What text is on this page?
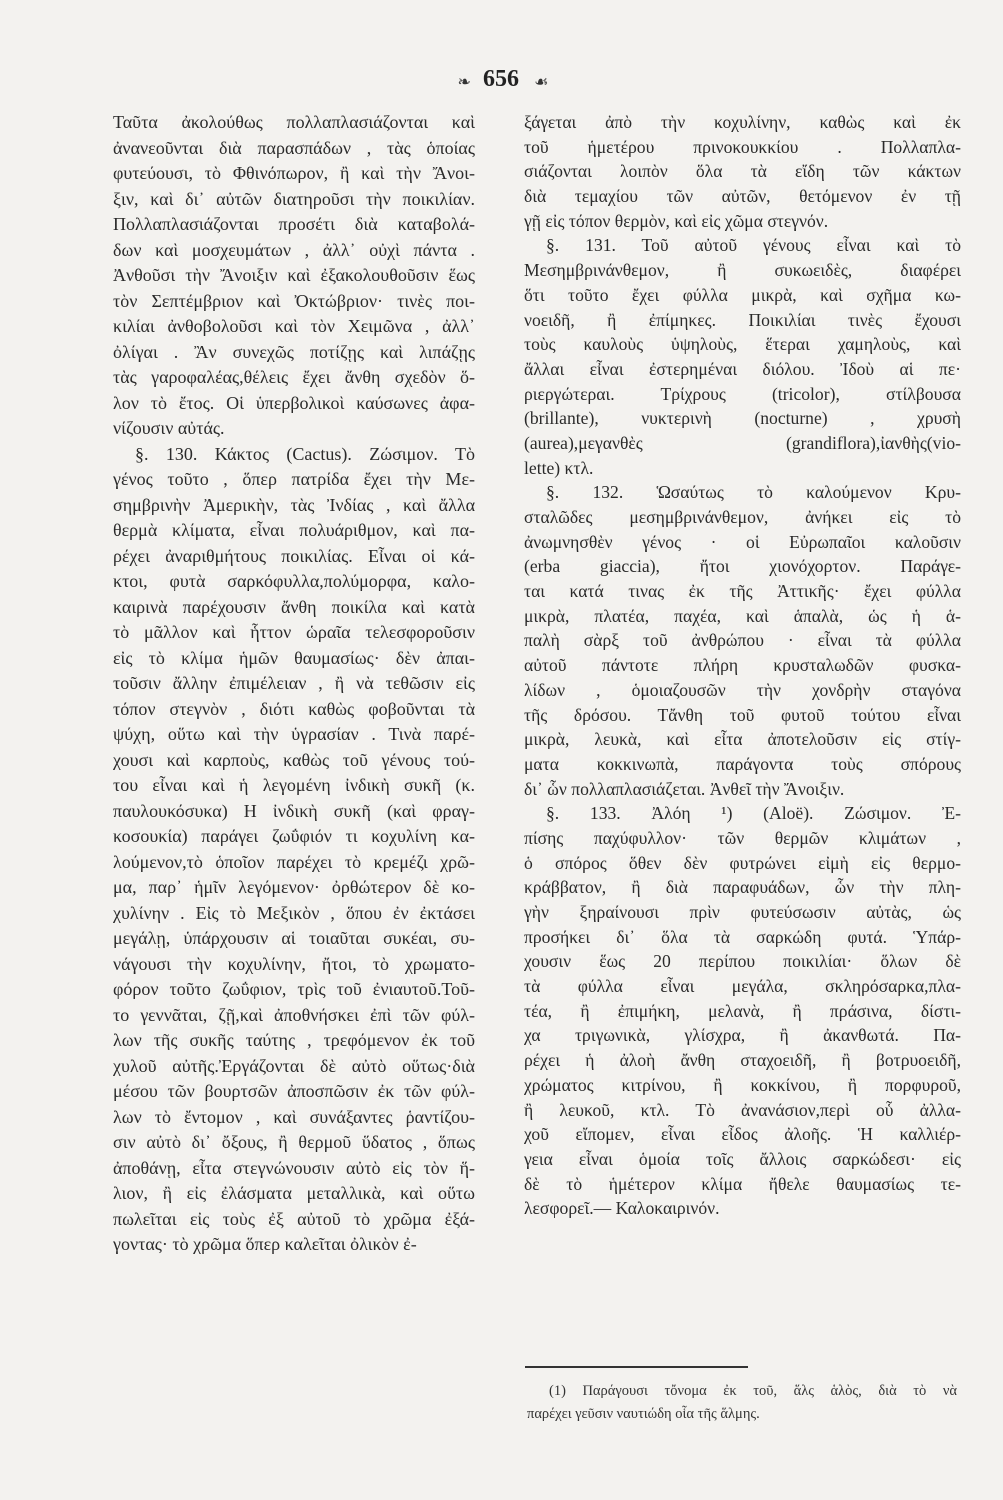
❧ 656 ☙
Ταῦτα ἀκολούθως πολλαπλασιάζονται καὶ
ἀνανεοῦνται διὰ παρασπάδων , τὰς ὁποίας
φυτεύουσι, τὸ Φθινόπωρον, ἢ καὶ τὴν Ἄνοι-
ξιν, καὶ δι᾽ αὐτῶν διατηροῦσι τὴν ποικιλίαν.
Πολλαπλασιάζονται προσέτι διὰ καταβολά-
δων καὶ μοσχευμάτων , ἀλλ᾽ οὐχὶ πάντα .
Ἀνθοῦσι τὴν Ἄνοιξιν καὶ ἐξακολουθοῦσιν ἕως
τὸν Σεπτέμβριον καὶ Ὀκτώβριον· τινὲς ποι-
κιλίαι ἀνθοβολοῦσι καὶ τὸν Χειμῶνα , ἀλλ᾽
ὀλίγαι . Ἂν συνεχῶς ποτίζῃς καὶ λιπάζῃς
τὰς γαροφαλέας,θέλεις ἔχει ἄνθη σχεδὸν ὅ-
λον τὸ ἔτος. Οἱ ὑπερβολικοὶ καύσωνες ἀφα-
νίζουσιν αὐτάς.
§. 130. Κάκτος (Cactus). Ζώσιμον. Τὸ
γένος τοῦτο , ὅπερ πατρίδα ἔχει τὴν Με-
σημβρινὴν Ἀμερικὴν, τὰς Ἰνδίας , καὶ ἄλλα
θερμὰ κλίματα, εἶναι πολυάριθμον, καὶ πα-
ρέχει ἀναριθμήτους ποικιλίας. Εἶναι οἱ κά-
κτοι, φυτὰ σαρκόφυλλα,πολύμορφα, καλο-
καιρινὰ παρέχουσιν ἄνθη ποικίλα καὶ κατὰ
τὸ μᾶλλον καὶ ἧττον ὡραῖα τελεσφοροῦσιν
εἰς τὸ κλίμα ἡμῶν θαυμασίως· δὲν ἀπαι-
τοῦσιν ἄλλην ἐπιμέλειαν , ἢ νὰ τεθῶσιν εἰς
τόπον στεγνὸν , διότι καθὼς φοβοῦνται τὰ
ψύχη, οὕτω καὶ τὴν ὑγρασίαν . Τινὰ παρέ-
χουσι καὶ καρποὺς, καθὼς τοῦ γένους τού-
του εἶναι καὶ ἡ λεγομένη ἰνδικὴ συκῆ (κ.
παυλουκόσυκα) Η ἰνδικὴ συκῆ (καὶ φραγ-
κοσουκία) παράγει ζωΰφιόν τι κοχυλίνη κα-
λούμενον,τὸ ὁποῖον παρέχει τὸ κρεμέζι χρῶ-
μα, παρ᾽ ἡμῖν λεγόμενον· ὀρθώτερον δὲ κο-
χυλίνην . Εἰς τὸ Μεξικὸν , ὅπου ἐν ἐκτάσει
μεγάλῃ, ὑπάρχουσιν αἱ τοιαῦται συκέαι, συ-
νάγουσι τὴν κοχυλίνην, ἤτοι, τὸ χρωματο-
φόρον τοῦτο ζωΰφιον, τρὶς τοῦ ἐνιαυτοῦ.Τοῦ-
το γεννᾶται, ζῇ,καὶ ἀποθνήσκει ἐπὶ τῶν φύλ-
λων τῆς συκῆς ταύτης , τρεφόμενον ἐκ τοῦ
χυλοῦ αὐτῆς.Ἐργάζονται δὲ αὐτὸ οὕτως·διὰ
μέσου τῶν βουρτσῶν ἀποσπῶσιν ἐκ τῶν φύλ-
λων τὸ ἔντομον , καὶ συνάξαντες ῥαντίζου-
σιν αὐτὸ δι᾽ ὄξους, ἢ θερμοῦ ὕδατος , ὅπως
ἀποθάνῃ, εἶτα στεγνώνουσιν αὐτὸ εἰς τὸν ἥ-
λιον, ἢ εἰς ἐλάσματα μεταλλικὰ, καὶ οὕτω
πωλεῖται εἰς τοὺς ἐξ αὐτοῦ τὸ χρῶμα ἐξά-
γοντας· τὸ χρῶμα ὅπερ καλεῖται ὀλικὸν ἐ-
ξάγεται ἀπὸ τὴν κοχυλίνην, καθὼς καὶ ἐκ
τοῦ ἡμετέρου πρινοκουκκίου . Πολλαπλα-
σιάζονται λοιπὸν ὅλα τὰ εἴδη τῶν κάκτων
διὰ τεμαχίου τῶν αὐτῶν, θετόμενον ἐν τῇ
γῇ εἰς τόπον θερμὸν, καὶ εἰς χῶμα στεγνόν.
§. 131. Τοῦ αὐτοῦ γένους εἶναι καὶ τὸ
Μεσημβρινάνθεμον, ἢ συκωειδὲς, διαφέρει
ὅτι τοῦτο ἔχει φύλλα μικρὰ, καὶ σχῆμα κω-
νοειδῆ, ἢ ἐπίμηκες. Ποικιλίαι τινὲς ἔχουσι
τοὺς καυλοὺς ὑψηλοὺς, ἕτεραι χαμηλοὺς, καὶ
ἄλλαι εἶναι ἐστερημέναι διόλου. Ἰδοὺ αἱ πε·
ριεργώτεραι. Τρίχρους (tricolor), στίλβουσα
(brillante), νυκτερινὴ (nocturne) , χρυσὴ
(aurea),μεγανθὲς (grandiflora),ἰανθὴς(vio-
lette) κτλ.
§. 132. Ὡσαύτως τὸ καλούμενον Κρυ-
σταλῶδες μεσημβρινάνθεμον, ἀνήκει εἰς τὸ
ἀνωμνησθὲν γένος · οἱ Εὐρωπαῖοι καλοῦσιν
(erba giaccia), ἤτοι χιονόχορτον. Παράγε-
ται κατά τινας ἐκ τῆς Ἀττικῆς· ἔχει φύλλα
μικρὰ, πλατέα, παχέα, καὶ ἁπαλὰ, ὡς ἡ ἁ-
παλὴ σὰρξ τοῦ ἀνθρώπου · εἶναι τὰ φύλλα
αὐτοῦ πάντοτε πλήρη κρυσταλωδῶν φυσκα-
λίδων , ὁμοιαζουσῶν τὴν χονδρὴν σταγόνα
τῆς δρόσου. Τἄνθη τοῦ φυτοῦ τούτου εἶναι
μικρὰ, λευκὰ, καὶ εἶτα ἀποτελοῦσιν εἰς στίγ-
ματα κοκκινωπὰ, παράγοντα τοὺς σπόρους
δι᾽ ὧν πολλαπλασιάζεται. Ἀνθεῖ τὴν Ἄνοιξιν.
§. 133. Ἀλόη ¹) (Aloë). Ζώσιμον. Ἐ-
πίσης παχύφυλλον· τῶν θερμῶν κλιμάτων ,
ὁ σπόρος ὅθεν δὲν φυτρώνει εἰμὴ εἰς θερμο-
κράββατον, ἢ διὰ παραφυάδων, ὧν τὴν πλη-
γὴν ξηραίνουσι πρὶν φυτεύσωσιν αὐτὰς, ὡς
προσήκει δι᾽ ὅλα τὰ σαρκώδη φυτά. Ὑπάρ-
χουσιν ἕως 20 περίπου ποικιλίαι· ὅλων δὲ
τὰ φύλλα εἶναι μεγάλα, σκληρόσαρκα,πλα-
τέα, ἢ ἐπιμήκη, μελανὰ, ἢ πράσινα, δίστι-
χα τριγωνικὰ, γλίσχρα, ἢ ἀκανθωτά. Πα-
ρέχει ἡ ἀλοὴ ἄνθη σταχοειδῆ, ἢ βοτρυοειδῆ,
χρώματος κιτρίνου, ἢ κοκκίνου, ἢ πορφυροῦ,
ἢ λευκοῦ, κτλ. Τὸ ἀνανάσιον,περὶ οὗ ἀλλα-
χοῦ εἴπομεν, εἶναι εἶδος ἀλοῆς. Ἡ καλλιέρ-
γεια εἶναι ὁμοία τοῖς ἄλλοις σαρκώδεσι· εἰς
δὲ τὸ ἡμέτερον κλίμα ἤθελε θαυμασίως τε-
λεσφορεῖ.— Καλοκαιρινόν.
(1) Παράγουσι τὄνομα ἐκ τοῦ, ἅλς ἁλὸς, διὰ τὸ νὰ
παρέχει γεῦσιν ναυτιώδη οἷα τῆς ἅλμης.
